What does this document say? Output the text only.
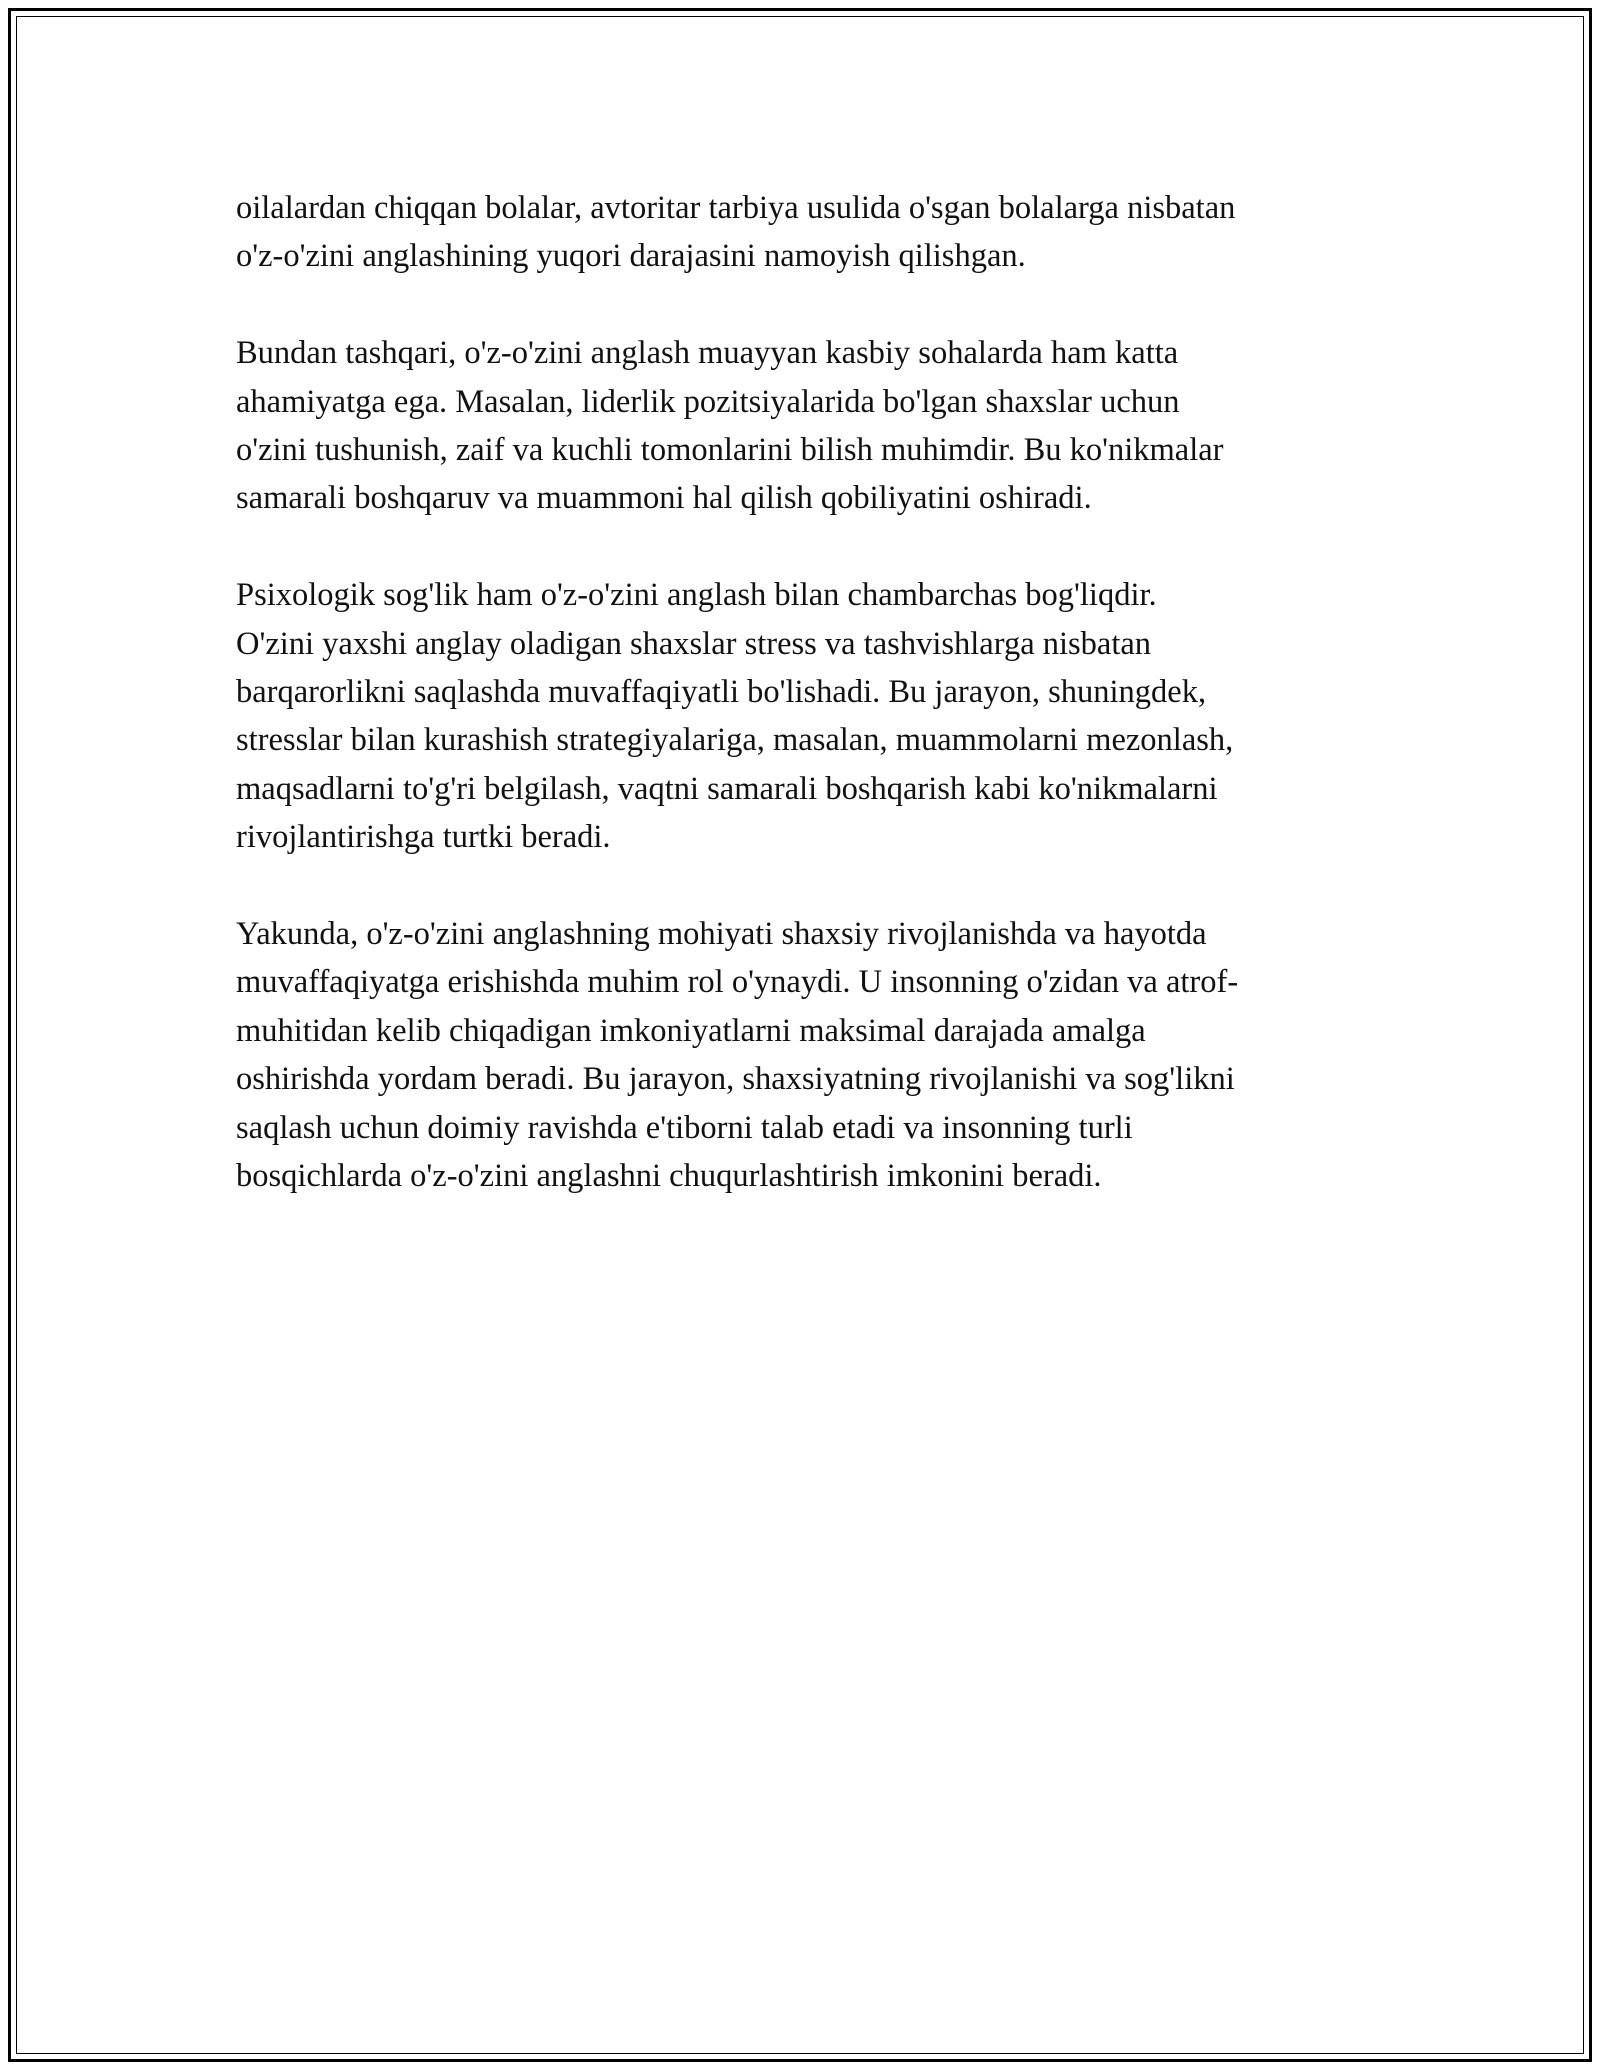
oilalardan chiqqan bolalar, avtoritar tarbiya usulida o'sgan bolalarga nisbatan
o'z-o'zini anglashining yuqori darajasini namoyish qilishgan.

Bundan tashqari, o'z-o'zini anglash muayyan kasbiy sohalarda ham katta
ahamiyatga ega. Masalan, liderlik pozitsiyalarida bo'lgan shaxslar uchun
o'zini tushunish, zaif va kuchli tomonlarini bilish muhimdir. Bu ko'nikmalar
samarali boshqaruv va muammoni hal qilish qobiliyatini oshiradi.

Psixologik sog'lik ham o'z-o'zini anglash bilan chambarchas bog'liqdir.
O'zini yaxshi anglay oladigan shaxslar stress va tashvishlarga nisbatan
barqarorlikni saqlashda muvaffaqiyatli bo'lishadi. Bu jarayon, shuningdek,
stresslar bilan kurashish strategiyalariga, masalan, muammolarni mezonlash,
maqsadlarni to'g'ri belgilash, vaqtni samarali boshqarish kabi ko'nikmalarni
rivojlantirishga turtki beradi.

Yakunda, o'z-o'zini anglashning mohiyati shaxsiy rivojlanishda va hayotda
muvaffaqiyatga erishishda muhim rol o'ynaydi. U insonning o'zidan va atrof-
muhitidan kelib chiqadigan imkoniyatlarni maksimal darajada amalga
oshirishda yordam beradi. Bu jarayon, shaxsiyatning rivojlanishi va sog'likni
saqlash uchun doimiy ravishda e'tiborni talab etadi va insonning turli
bosqichlarda o'z-o'zini anglashni chuqurlashtirish imkonini beradi.
